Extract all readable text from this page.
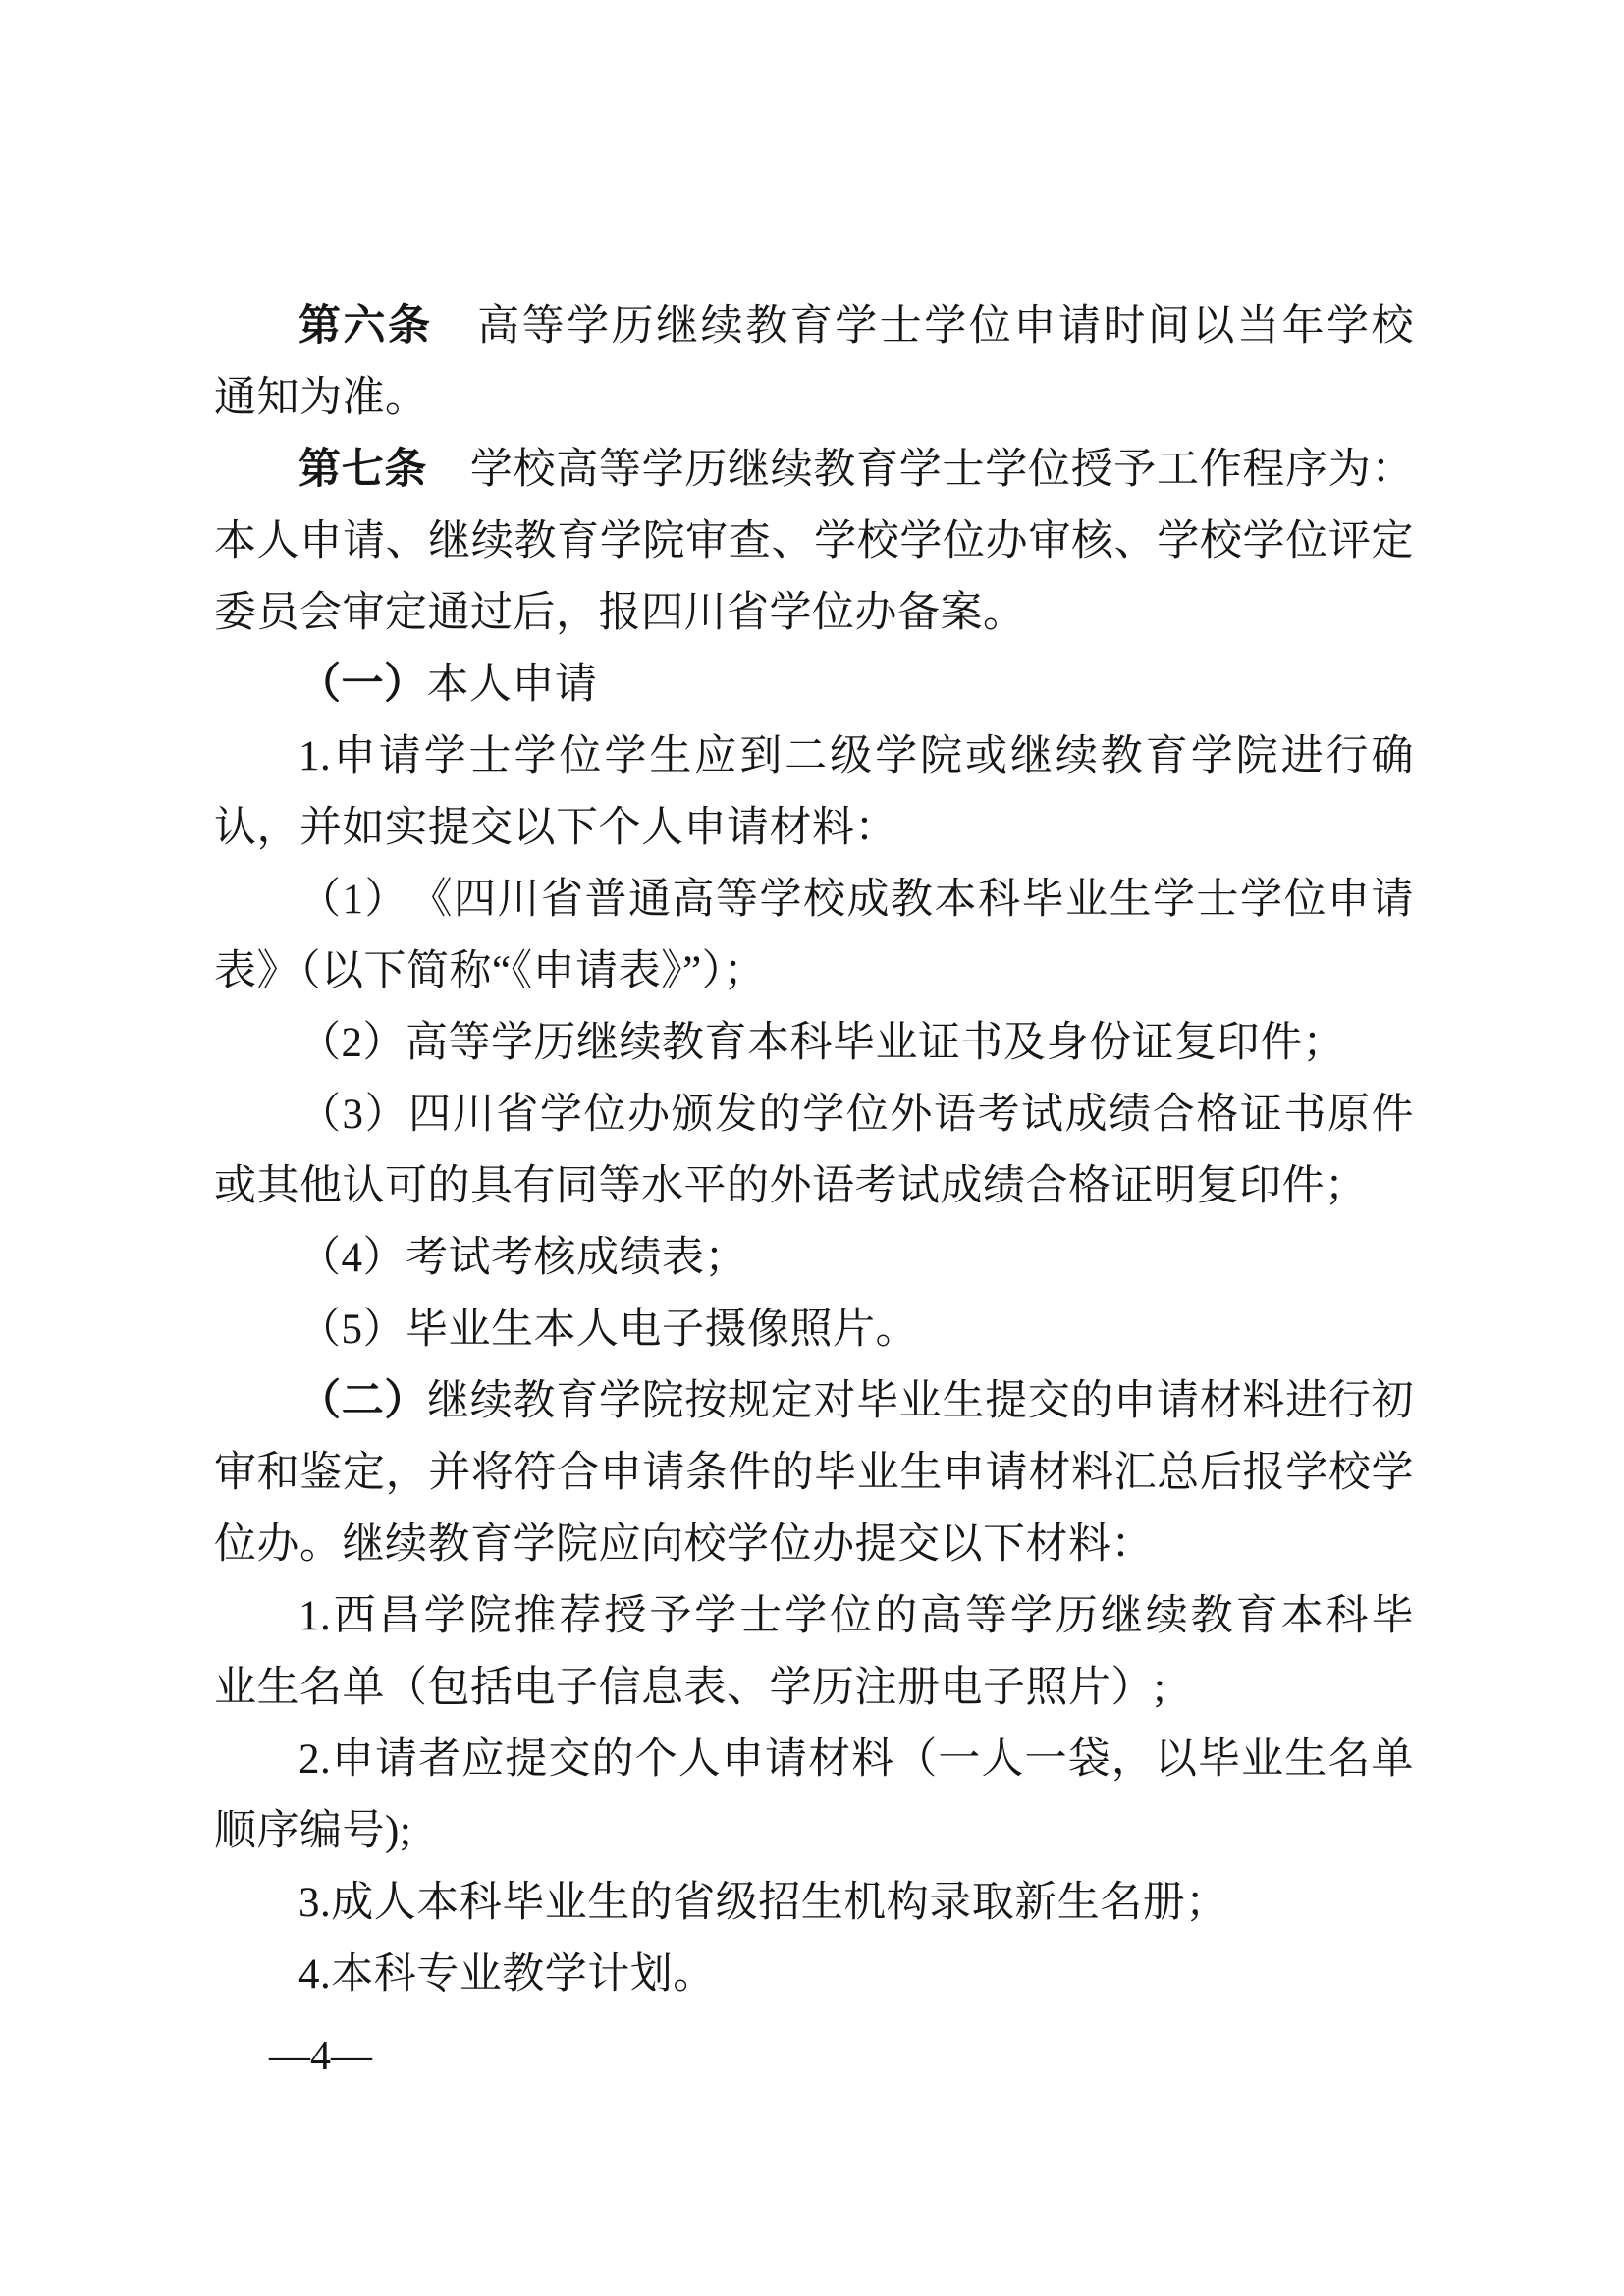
第六条　高等学历继续教育学士学位申请时间以当年学校
通知为准。
第七条　学校高等学历继续教育学士学位授予工作程序为：
本人申请、继续教育学院审查、学校学位办审核、学校学位评定
委员会审定通过后，报四川省学位办备案。
（一）本人申请
1.申请学士学位学生应到二级学院或继续教育学院进行确
认，并如实提交以下个人申请材料：
（1）　《四川省普通高等学校成教本科毕业生学士学位申请
表》（以下简称“《申请表》”）；
（2）高等学历继续教育本科毕业证书及身份证复印件；
（3）四川省学位办颁发的学位外语考试成绩合格证书原件
或其他认可的具有同等水平的外语考试成绩合格证明复印件；
（4）考试考核成绩表；
（5）毕业生本人电子摄像照片。
（二）继续教育学院按规定对毕业生提交的申请材料进行初
审和鉴定，并将符合申请条件的毕业生申请材料汇总后报学校学
位办。继续教育学院应向校学位办提交以下材料：
1.西昌学院推荐授予学士学位的高等学历继续教育本科毕
业生名单（包括电子信息表、学历注册电子照片）;
2.申请者应提交的个人申请材料（一人一袋，以毕业生名单
顺序编号);
3.成人本科毕业生的省级招生机构录取新生名册；
4.本科专业教学计划。
—4—
